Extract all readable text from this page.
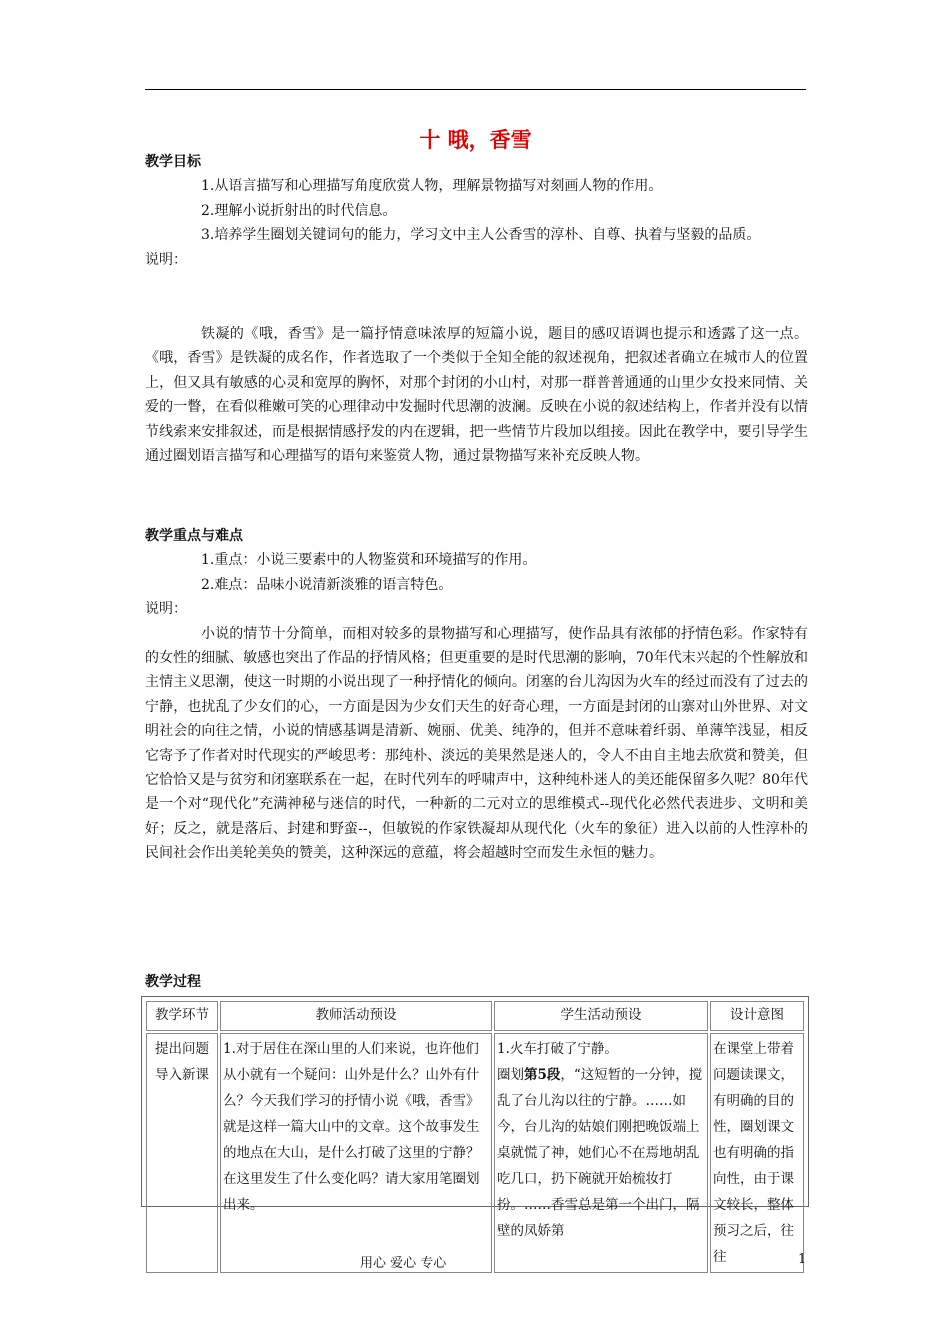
十 哦，香雪
教学目标
1.从语言描写和心理描写角度欣赏人物，理解景物描写对刻画人物的作用。
2.理解小说折射出的时代信息。
3.培养学生圈划关键词句的能力，学习文中主人公香雪的淳朴、自尊、执着与坚毅的品质。
说明：
铁凝的《哦，香雪》是一篇抒情意味浓厚的短篇小说，题目的感叹语调也提示和透露了这一点。《哦，香雪》是铁凝的成名作，作者选取了一个类似于全知全能的叙述视角，把叙述者确立在城市人的位置上，但又具有敏感的心灵和宽厚的胸怀，对那个封闭的小山村，对那一群普普通通的山里少女投来同情、关爱的一瞥，在看似稚嫩可笑的心理律动中发掘时代思潮的波澜。反映在小说的叙述结构上，作者并没有以情节线索来安排叙述，而是根据情感抒发的内在逻辑，把一些情节片段加以组接。因此在教学中，要引导学生通过圈划语言描写和心理描写的语句来鉴赏人物，通过景物描写来补充反映人物。
教学重点与难点
1.重点：小说三要素中的人物鉴赏和环境描写的作用。
2.难点：品味小说清新淡雅的语言特色。
说明：
小说的情节十分简单，而相对较多的景物描写和心理描写，使作品具有浓郁的抒情色彩。作家特有的女性的细腻、敏感也突出了作品的抒情风格；但更重要的是时代思潮的影响，70年代末兴起的个性解放和主情主义思潮，使这一时期的小说出现了一种抒情化的倾向。闭塞的台儿沟因为火车的经过而没有了过去的宁静，也扰乱了少女们的心，一方面是因为少女们天生的好奇心理，一方面是封闭的山寨对山外世界、对文明社会的向往之情，小说的情感基调是清新、婉丽、优美、纯净的，但并不意味着纤弱、单薄竿浅显，相反它寄予了作者对时代现实的严峻思考：那纯朴、淡远的美果然是迷人的，令人不由自主地去欣赏和赞美，但它恰恰又是与贫穷和闭塞联系在一起，在时代列车的呼啸声中，这种纯朴迷人的美还能保留多久呢？80年代是一个对“现代化”充满神秘与迷信的时代，一种新的二元对立的思维模式--现代化必然代表进步、文明和美好；反之，就是落后、封建和野蛮--，但敏锐的作家铁凝却从现代化（火车的象征）进入以前的人性淳朴的民间社会作出美轮美奂的赞美，这种深远的意蕴，将会超越时空而发生永恒的魅力。
教学过程
教学环节	教师活动预设	学生活动预设	设计意图
提出问题导入新课	1.对于居住在深山里的人们来说，也许他们从小就有一个疑问：山外是什么？山外有什么？今天我们学习的抒情小说《哦，香雪》就是这样一篇大山中的文章。这个故事发生的地点在大山，是什么打破了这里的宁静？在这里发生了什么变化吗？请大家用笔圈划出来。	1.火车打破了宁静。
圈划第5段，“这短暂的一分钟，搅乱了台儿沟以往的宁静。……如今，台儿沟的姑娘们刚把晚饭端上桌就慌了神，她们心不在焉地胡乱吃几口，扔下碗就开始梳妆打扮。……香雪总是第一个出门，隔壁的凤娇第	在课堂上带着问题读课文，有明确的目的性，圈划课文也有明确的指向性，由于课文较长，整体预习之后，往往
用心 爱心 专心	1
